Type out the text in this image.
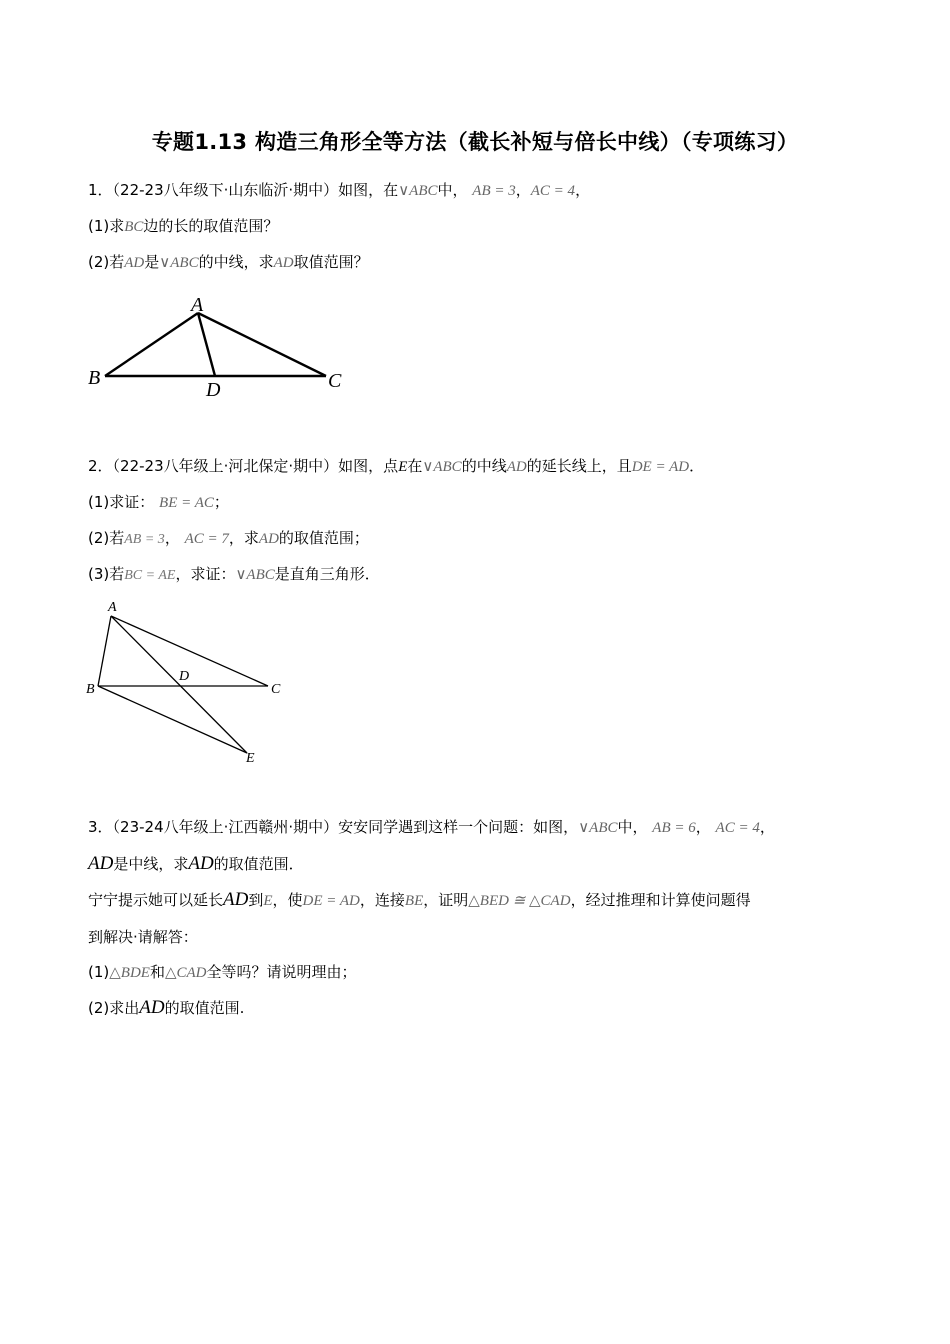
专题1.13 构造三角形全等方法（截长补短与倍长中线）（专项练习）
1．（22-23八年级下·山东临沂·期中）如图，在∨ABC中， AB = 3，AC = 4，
(1)求BC边的长的取值范围？
(2)若AD是∨ABC的中线，求AD取值范围？
A
B	C
D
2．（22-23八年级上·河北保定·期中）如图，点E在∨ABC的中线AD的延长线上，且DE = AD．
(1)求证： BE = AC；
(2)若AB = 3， AC = 7，求AD的取值范围；
(3)若BC = AE，求证：∨ABC是直角三角形．
A
B	C
D
E
3．（23-24八年级上·江西赣州·期中）安安同学遇到这样一个问题：如图，∨ABC中， AB = 6， AC = 4，
AD是中线，求AD的取值范围．
宁宁提示她可以延长AD到E，使DE = AD，连接BE，证明△BED ≅ △CAD，经过推理和计算使问题得
到解决·请解答：
(1)△BDE和△CAD全等吗？请说明理由；
(2)求出AD的取值范围.
